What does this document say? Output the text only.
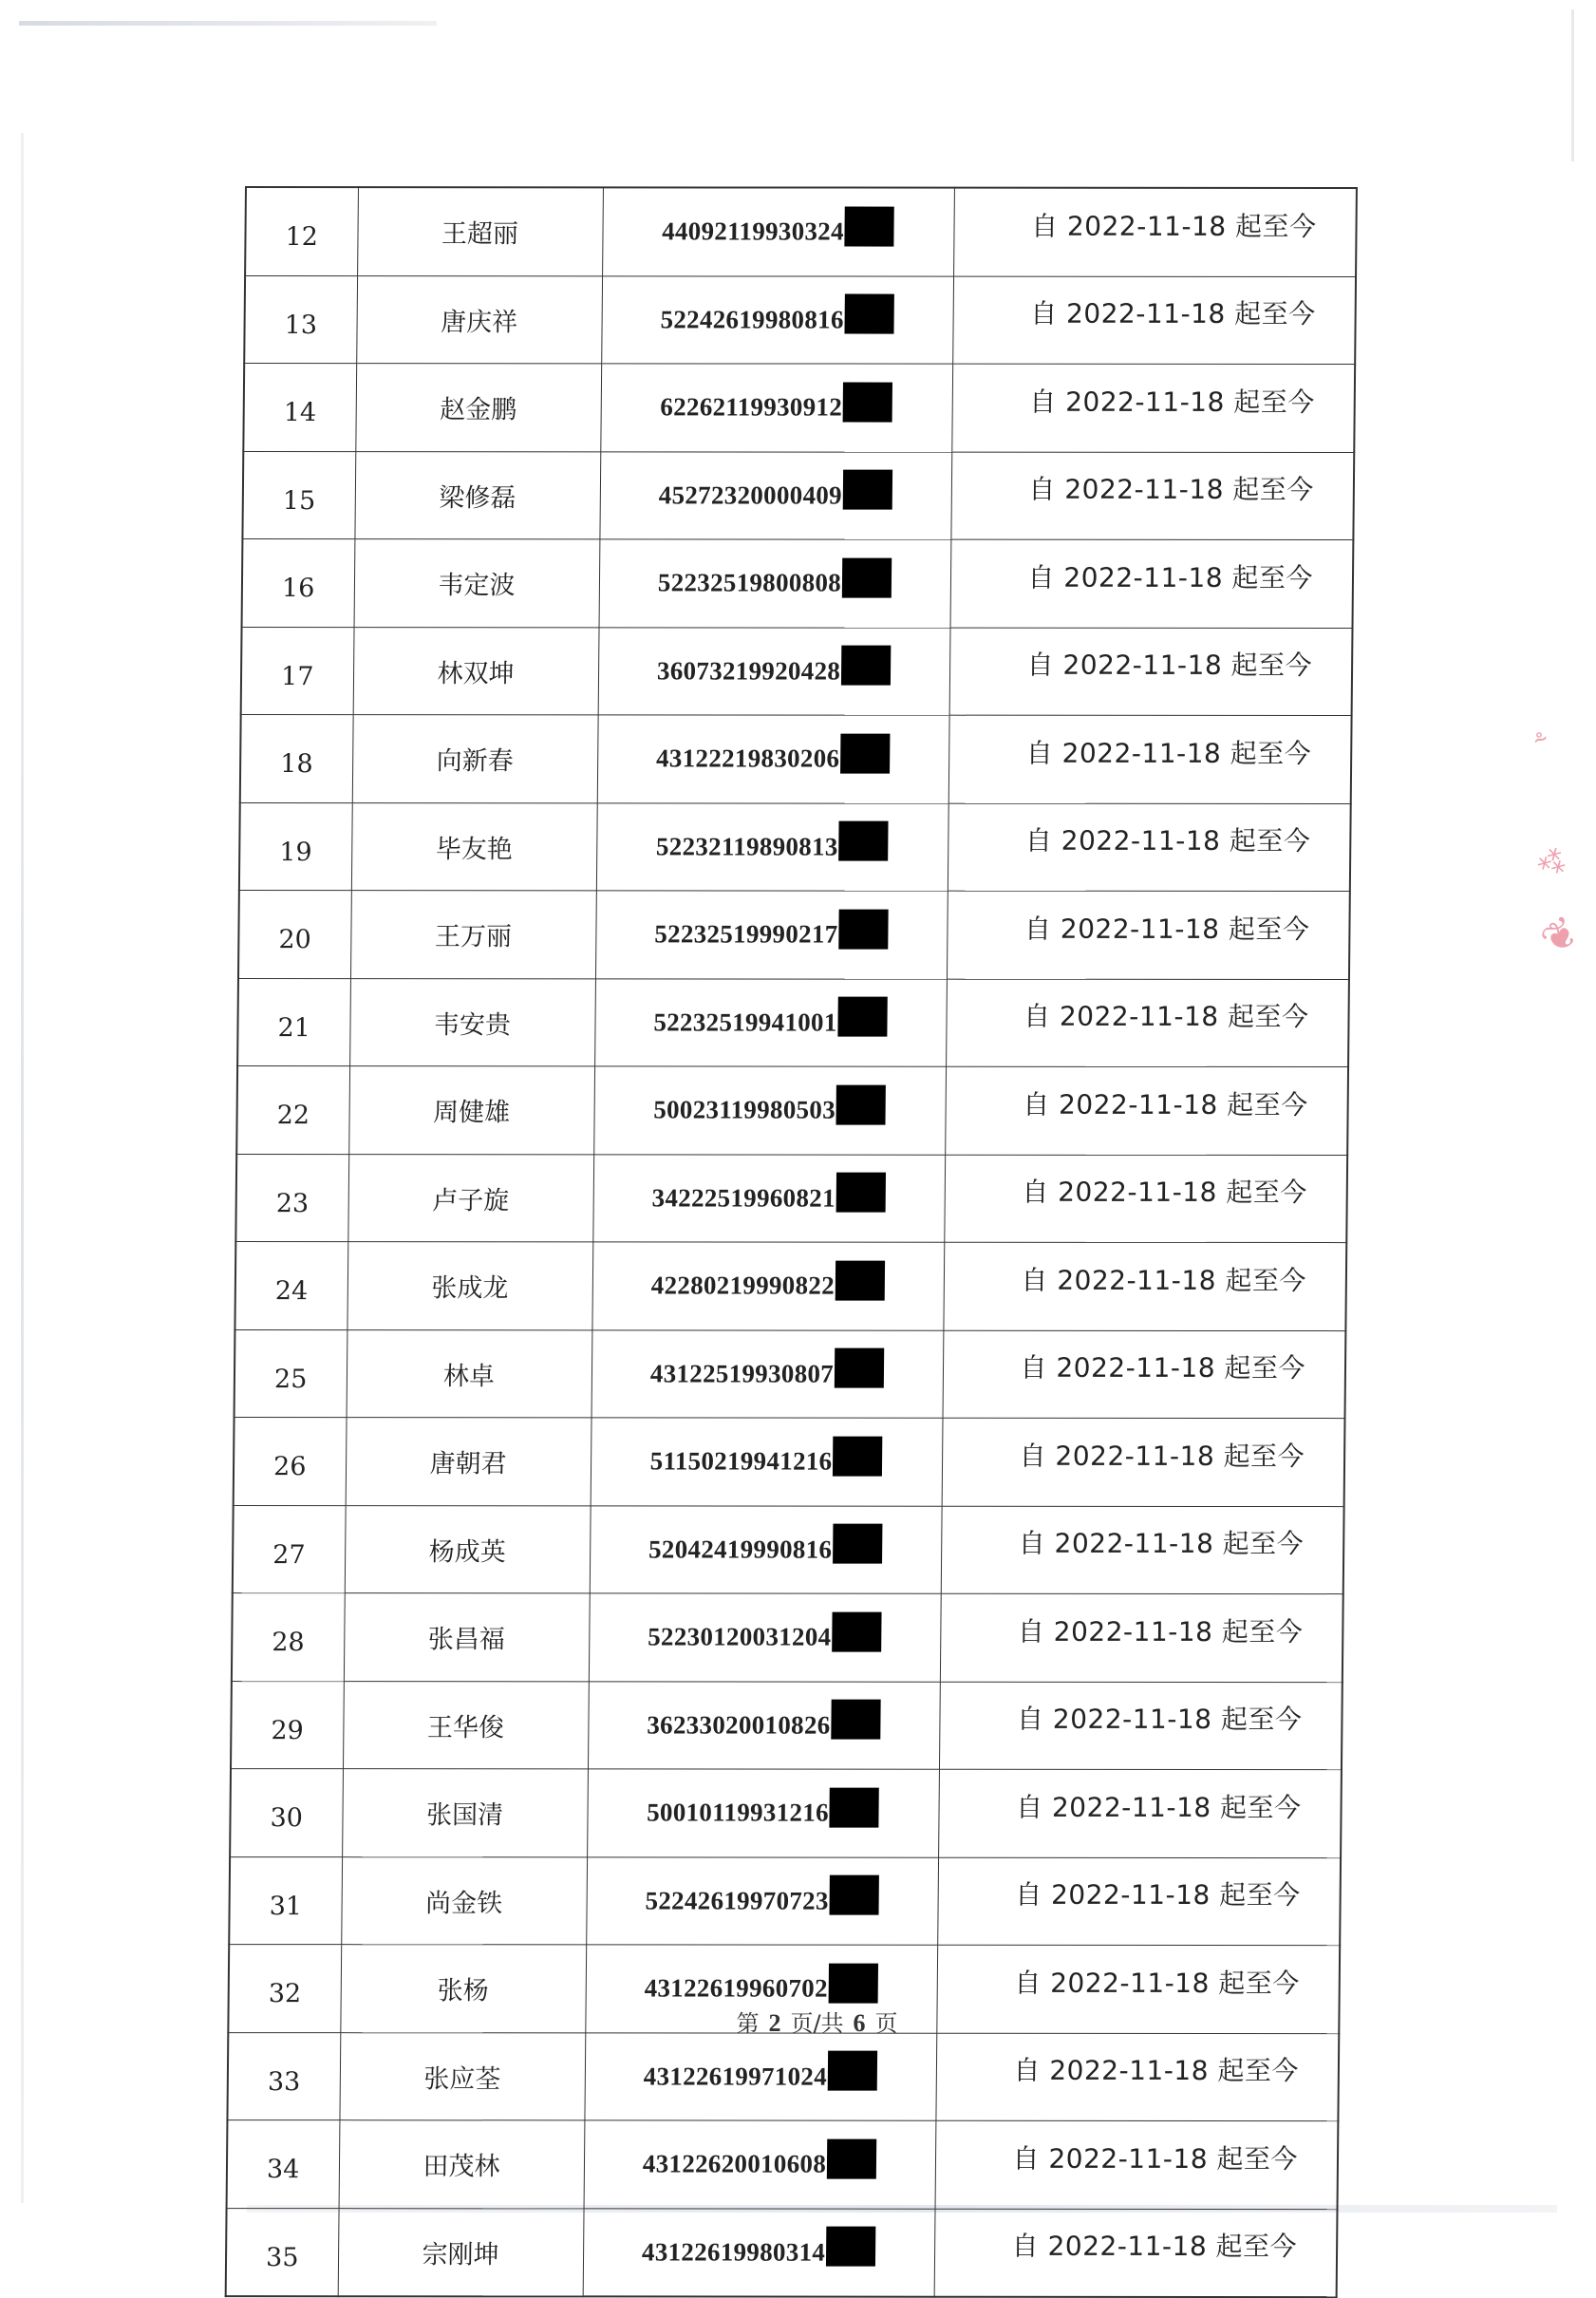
⸛
⁂
❦
12	王超丽	44092119930324	自 2022-11-18 起至今
13	唐庆祥	52242619980816	自 2022-11-18 起至今
14	赵金鹏	62262119930912	自 2022-11-18 起至今
15	梁修磊	45272320000409	自 2022-11-18 起至今
16	韦定波	52232519800808	自 2022-11-18 起至今
17	林双坤	36073219920428	自 2022-11-18 起至今
18	向新春	43122219830206	自 2022-11-18 起至今
19	毕友艳	52232119890813	自 2022-11-18 起至今
20	王万丽	52232519990217	自 2022-11-18 起至今
21	韦安贵	52232519941001	自 2022-11-18 起至今
22	周健雄	50023119980503	自 2022-11-18 起至今
23	卢子旋	34222519960821	自 2022-11-18 起至今
24	张成龙	42280219990822	自 2022-11-18 起至今
25	林卓	43122519930807	自 2022-11-18 起至今
26	唐朝君	51150219941216	自 2022-11-18 起至今
27	杨成英	52042419990816	自 2022-11-18 起至今
28	张昌福	52230120031204	自 2022-11-18 起至今
29	王华俊	36233020010826	自 2022-11-18 起至今
30	张国清	50010119931216	自 2022-11-18 起至今
31	尚金铁	52242619970723	自 2022-11-18 起至今
32	张杨	43122619960702	自 2022-11-18 起至今
33	张应荃	43122619971024	自 2022-11-18 起至今
34	田茂林	43122620010608	自 2022-11-18 起至今
35	宗刚坤	43122619980314	自 2022-11-18 起至今
第 2 页/共 6 页
